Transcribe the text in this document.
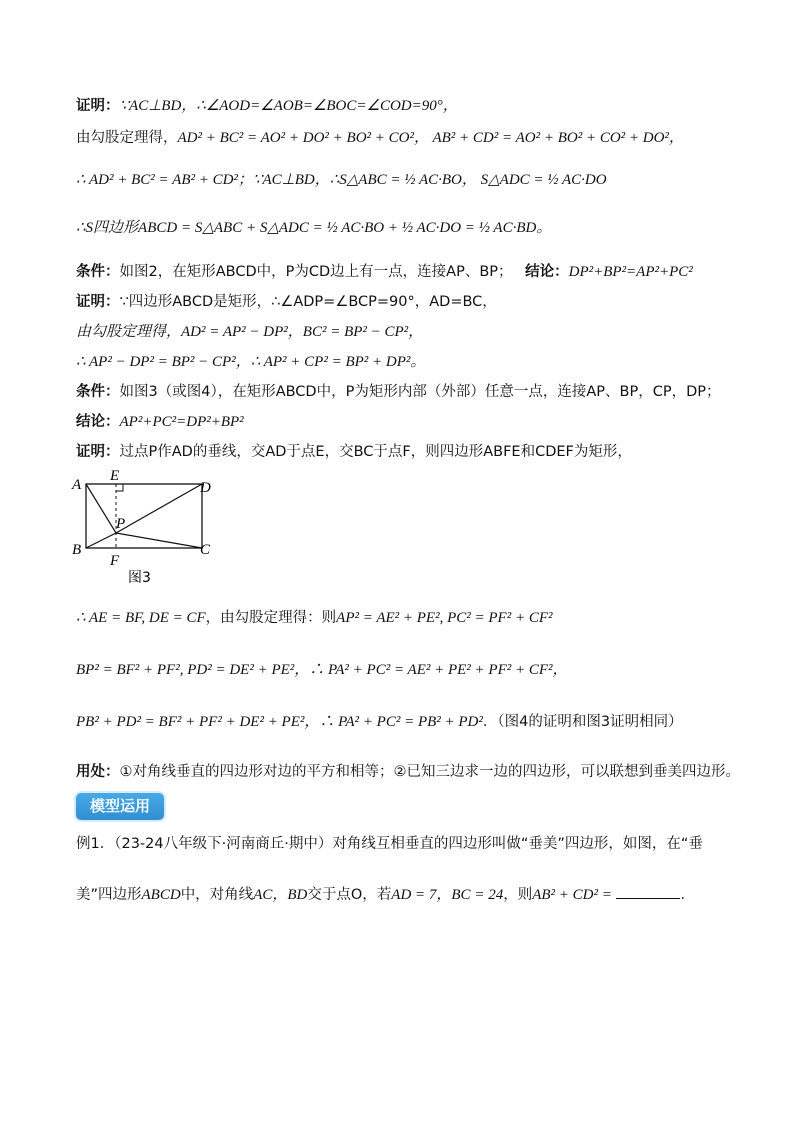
证明：∵AC⊥BD，∴∠AOD=∠AOB=∠BOC=∠COD=90°，
由勾股定理得，AD² + BC² = AO² + DO² + BO² + CO²， AB² + CD² = AO² + BO² + CO² + DO²，
∴ AD² + BC² = AB² + CD²；∵AC⊥BD，∴S△ABC = ½ AC·BO， S△ADC = ½ AC·DO
∴S四边形ABCD = S△ABC + S△ADC = ½ AC·BO + ½ AC·DO = ½ AC·BD。
条件：如图2，在矩形ABCD中，P为CD边上有一点，连接AP、BP； 结论：DP²+BP²=AP²+PC²
证明：∵四边形ABCD是矩形，∴∠ADP=∠BCP=90°，AD=BC，
由勾股定理得，AD² = AP² − DP²，BC² = BP² − CP²，
∴ AP² − DP² = BP² − CP²，∴ AP² + CP² = BP² + DP²。
条件：如图3（或图4），在矩形ABCD中，P为矩形内部（外部）任意一点，连接AP、BP，CP，DP；
结论：AP²+PC²=DP²+BP²
证明：过点P作AD的垂线，交AD于点E，交BC于点F，则四边形ABFE和CDEF为矩形，
A
B	C
D
E
F
P
图3
∴ AE = BF, DE = CF，由勾股定理得：则AP² = AE² + PE², PC² = PF² + CF²
BP² = BF² + PF², PD² = DE² + PE²，∴ PA² + PC² = AE² + PE² + PF² + CF²，
PB² + PD² = BF² + PF² + DE² + PE²，∴ PA² + PC² = PB² + PD²．（图4的证明和图3证明相同）
用处：①对角线垂直的四边形对边的平方和相等；②已知三边求一边的四边形，可以联想到垂美四边形。
模型运用
例1．（23-24八年级下·河南商丘·期中）对角线互相垂直的四边形叫做“垂美”四边形，如图，在“垂
美”四边形ABCD中，对角线AC，BD交于点O，若AD = 7，BC = 24，则AB² + CD² =	．
